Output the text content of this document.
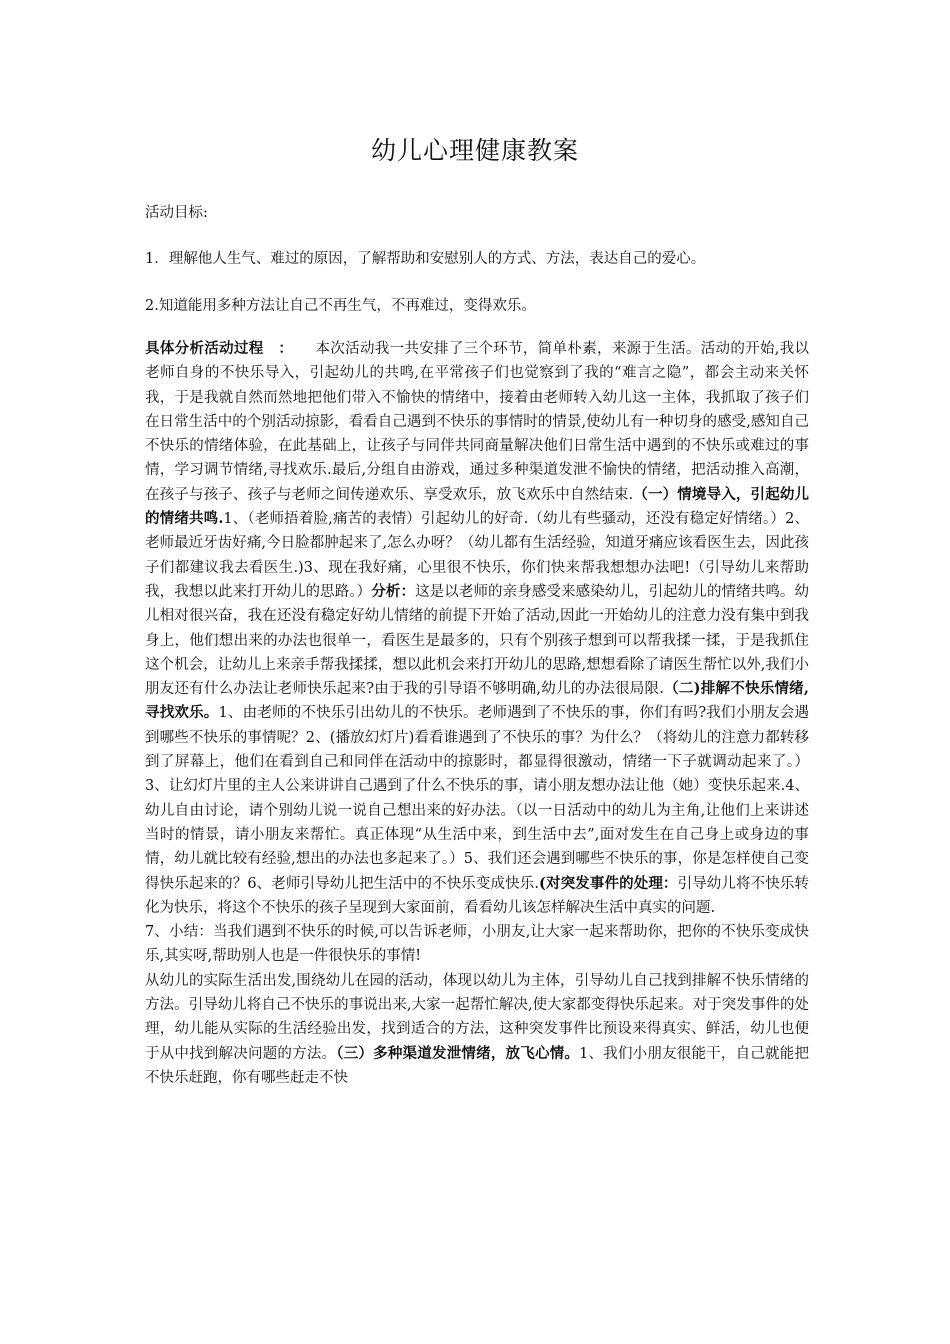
幼儿心理健康教案
活动目标:
1．理解他人生气、难过的原因，了解帮助和安慰别人的方式、方法，表达自己的爱心。
2.知道能用多种方法让自己不再生气，不再难过，变得欢乐。

具体分析活动过程　：　　本次活动我一共安排了三个环节，简单朴素，来源于生活。活动的开始,我以老师自身的不快乐导入，引起幼儿的共鸣,在平常孩子们也觉察到了我的“难言之隐”，都会主动来关怀我，于是我就自然而然地把他们带入不愉快的情绪中，接着由老师转入幼儿这一主体，我抓取了孩子们在日常生活中的个别活动掠影，看看自己遇到不快乐的事情时的情景,使幼儿有一种切身的感受,感知自己不快乐的情绪体验，在此基础上，让孩子与同伴共同商量解决他们日常生活中遇到的不快乐或难过的事情，学习调节情绪,寻找欢乐.最后,分组自由游戏，通过多种渠道发泄不愉快的情绪，把活动推入高潮，在孩子与孩子、孩子与老师之间传递欢乐、享受欢乐，放飞欢乐中自然结束.（一）情境导入，引起幼儿的情绪共鸣.1、（老师捂着脸,痛苦的表情）引起幼儿的好奇.（幼儿有些骚动，还没有稳定好情绪。）2、老师最近牙齿好痛,今日脸都肿起来了,怎么办呀？（幼儿都有生活经验，知道牙痛应该看医生去，因此孩子们都建议我去看医生.)3、现在我好痛，心里很不快乐，你们快来帮我想想办法吧!（引导幼儿来帮助我，我想以此来打开幼儿的思路。）分析：这是以老师的亲身感受来感染幼儿，引起幼儿的情绪共鸣。幼儿相对很兴奋，我在还没有稳定好幼儿情绪的前提下开始了活动,因此一开始幼儿的注意力没有集中到我身上，他们想出来的办法也很单一，看医生是最多的，只有个别孩子想到可以帮我揉一揉，于是我抓住这个机会，让幼儿上来亲手帮我揉揉，想以此机会来打开幼儿的思路,想想看除了请医生帮忙以外,我们小朋友还有什么办法让老师快乐起来?由于我的引导语不够明确,幼儿的办法很局限.（二)排解不快乐情绪,寻找欢乐。1、由老师的不快乐引出幼儿的不快乐。老师遇到了不快乐的事，你们有吗?我们小朋友会遇到哪些不快乐的事情呢？2、(播放幻灯片)看看谁遇到了不快乐的事？为什么？（将幼儿的注意力都转移到了屏幕上，他们在看到自己和同伴在活动中的掠影时，都显得很激动，情绪一下子就调动起来了。）3、让幻灯片里的主人公来讲讲自己遇到了什么不快乐的事，请小朋友想办法让他（她）变快乐起来.4、幼儿自由讨论，请个别幼儿说一说自己想出来的好办法。（以一日活动中的幼儿为主角,让他们上来讲述当时的情景，请小朋友来帮忙。真正体现“从生活中来，到生活中去”,面对发生在自己身上或身边的事情，幼儿就比较有经验,想出的办法也多起来了。）5、我们还会遇到哪些不快乐的事，你是怎样使自己变得快乐起来的？6、老师引导幼儿把生活中的不快乐变成快乐.(对突发事件的处理：引导幼儿将不快乐转化为快乐，将这个不快乐的孩子呈现到大家面前，看看幼儿该怎样解决生活中真实的问题.

7、小结：当我们遇到不快乐的时候,可以告诉老师，小朋友,让大家一起来帮助你，把你的不快乐变成快乐,其实呀,帮助别人也是一件很快乐的事情!

从幼儿的实际生活出发,围绕幼儿在园的活动，体现以幼儿为主体，引导幼儿自己找到排解不快乐情绪的方法。引导幼儿将自己不快乐的事说出来,大家一起帮忙解决,使大家都变得快乐起来。对于突发事件的处理，幼儿能从实际的生活经验出发，找到适合的方法，这种突发事件比预设来得真实、鲜活，幼儿也便于从中找到解决问题的方法。（三）多种渠道发泄情绪，放飞心情。1、我们小朋友很能干，自己就能把不快乐赶跑，你有哪些赶走不快
